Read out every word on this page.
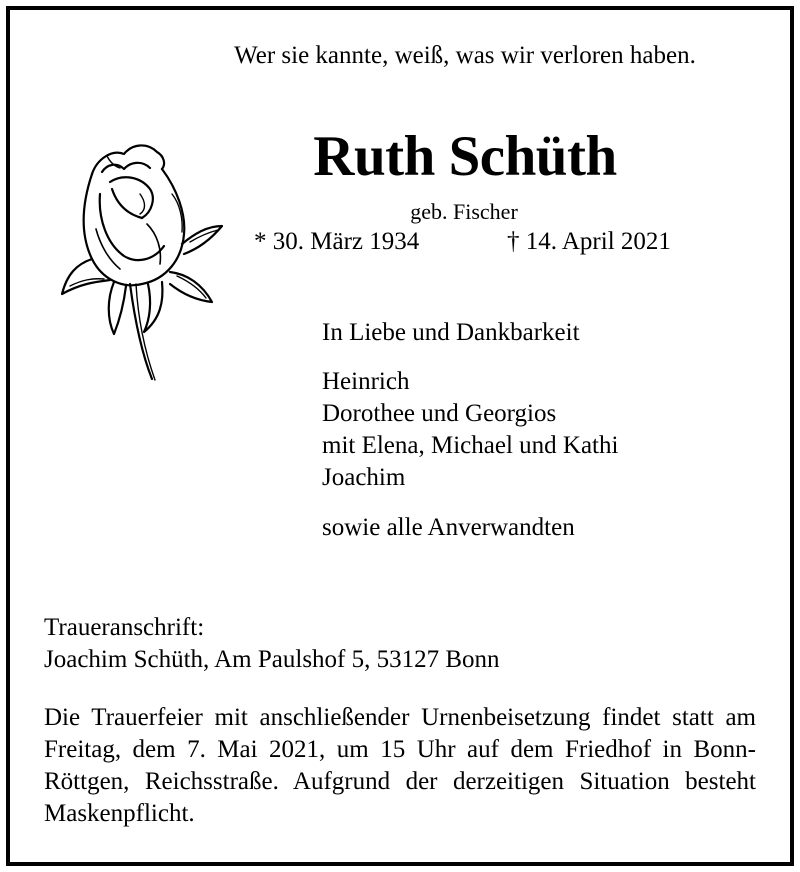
Wer sie kannte, weiß, was wir verloren haben.
Ruth Schüth
geb. Fischer
* 30. März 1934	† 14. April 2021
In Liebe und Dankbarkeit
Heinrich
Dorothee und Georgios
mit Elena, Michael und Kathi
Joachim
sowie alle Anverwandten
Traueranschrift:
Joachim Schüth, Am Paulshof 5, 53127 Bonn
Die Trauerfeier mit anschließender Urnenbeisetzung findet statt am Freitag, dem 7. Mai 2021, um 15 Uhr auf dem Friedhof in Bonn-Röttgen, Reichsstraße. Aufgrund der derzeitigen Situation besteht Maskenpflicht.
